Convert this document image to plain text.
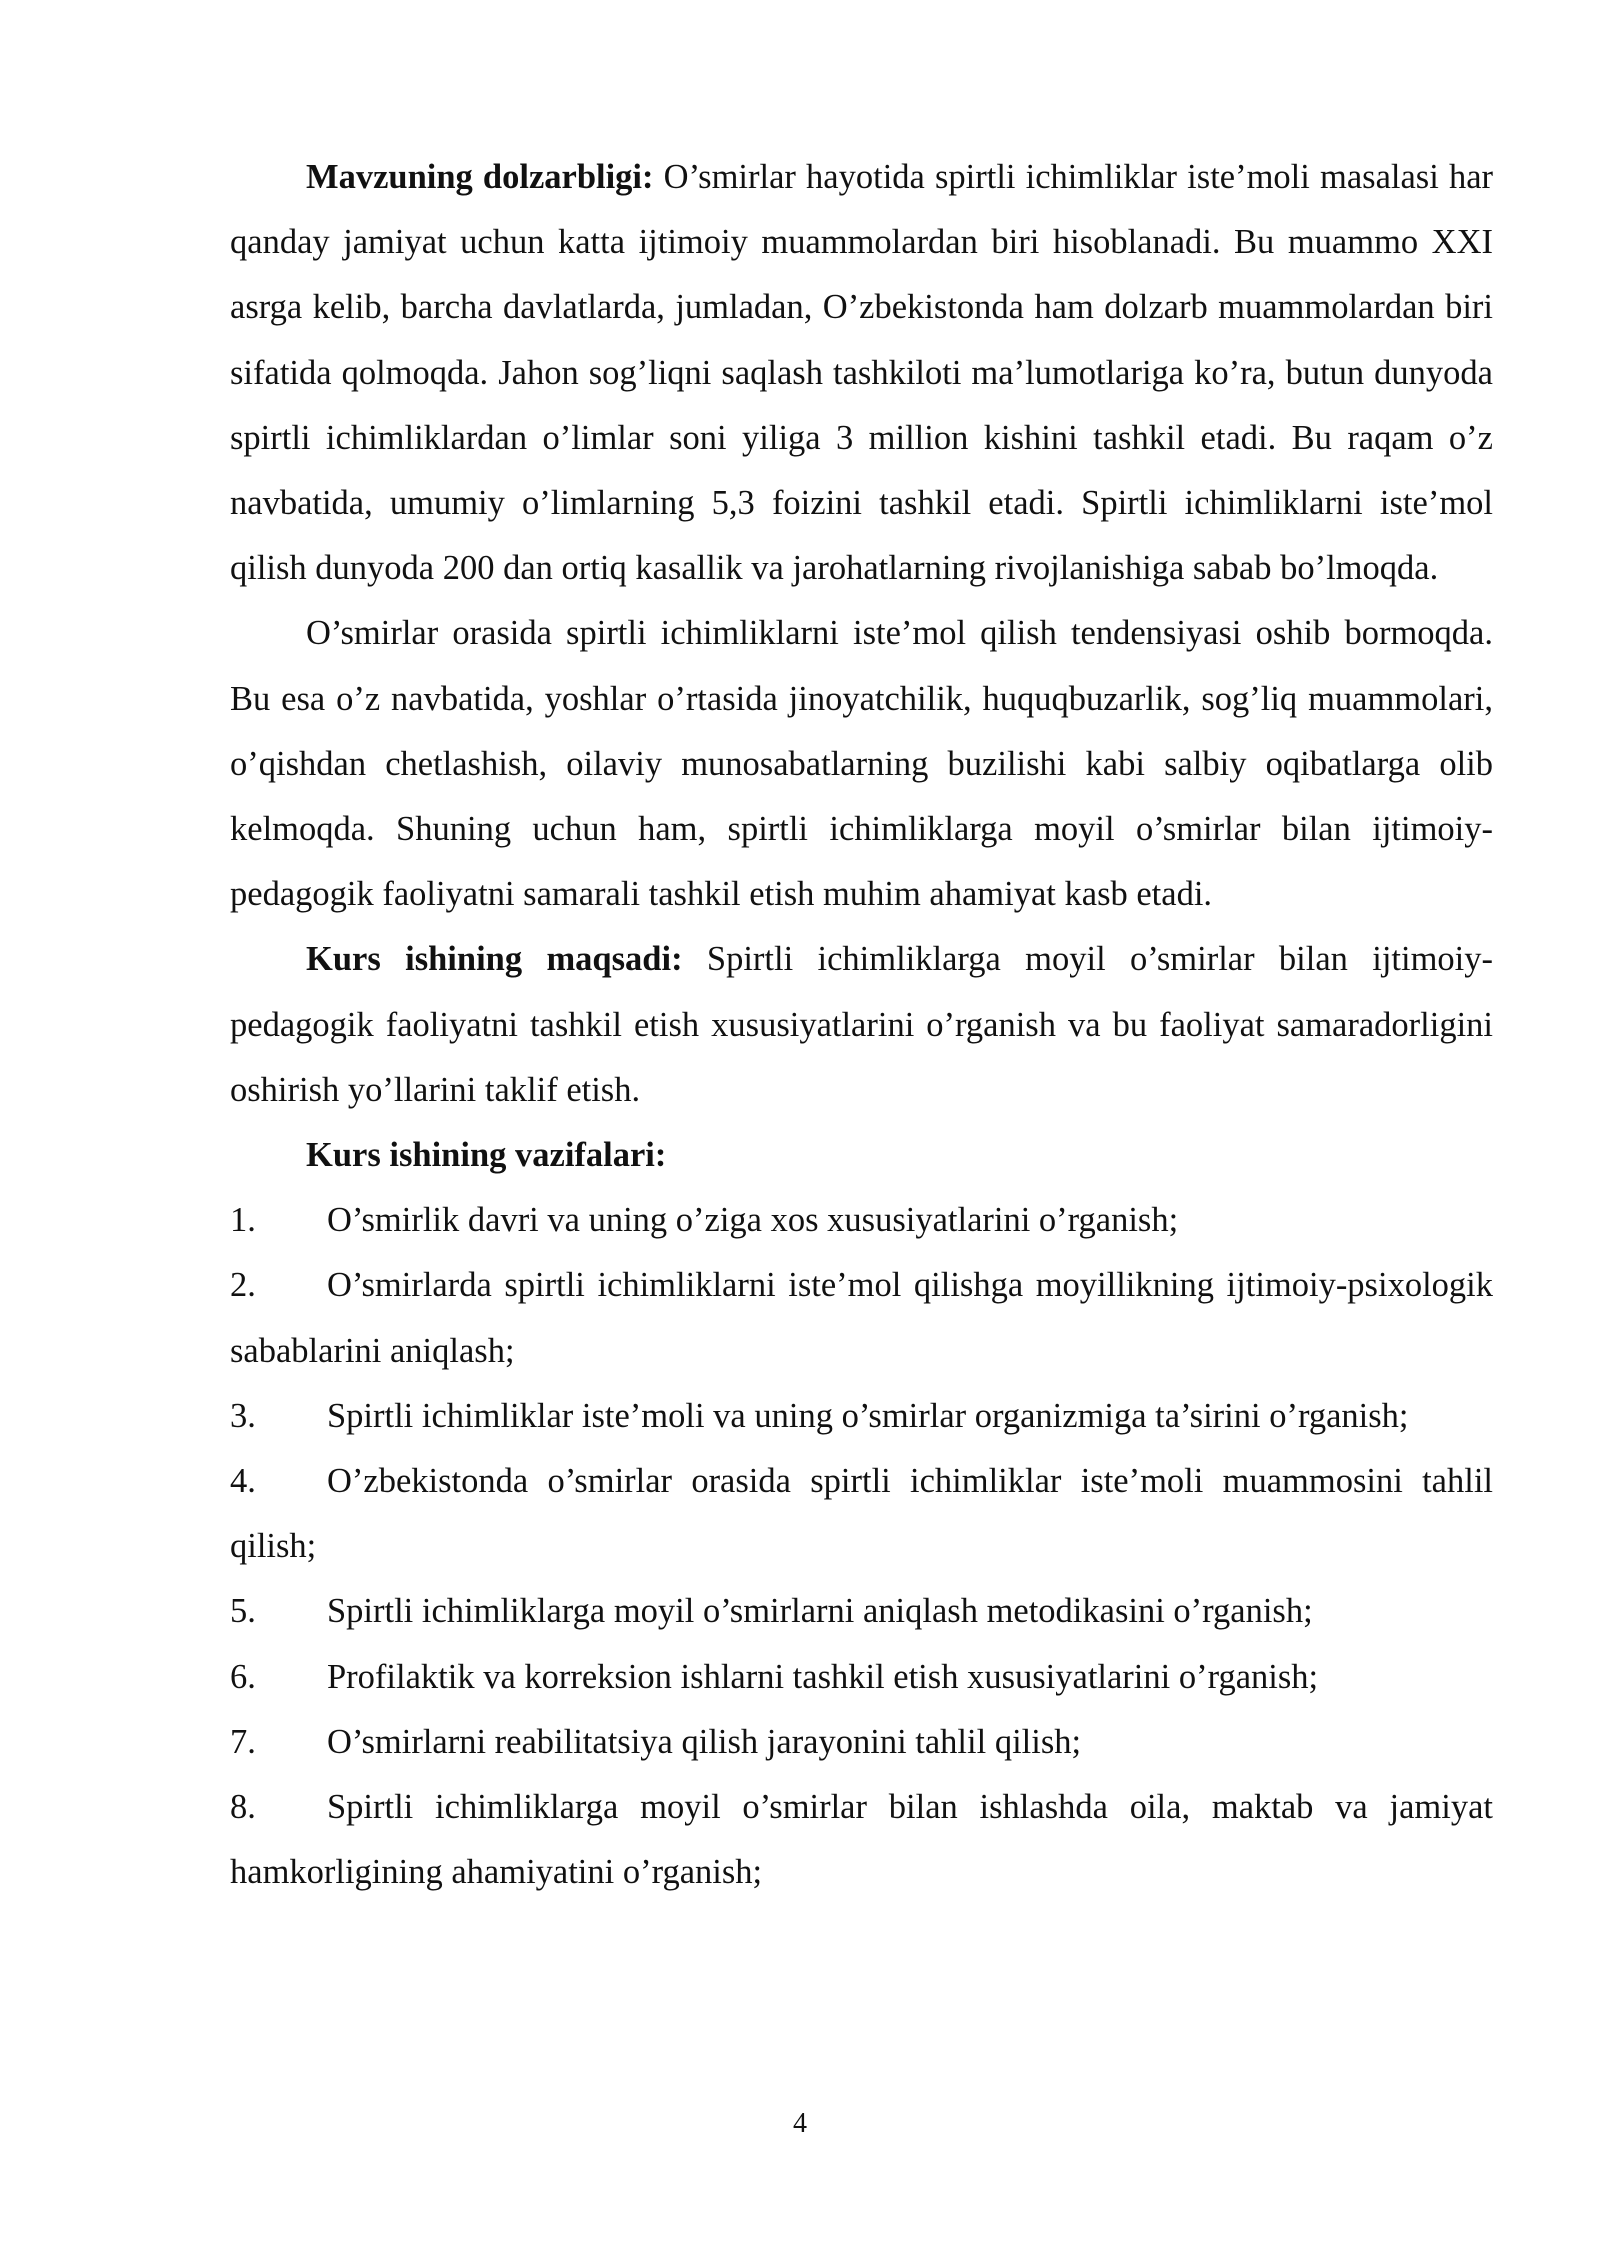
Mavzuning dolzarbligi: O’smirlar hayotida spirtli ichimliklar iste’moli masalasi har qanday jamiyat uchun katta ijtimoiy muammolardan biri hisoblanadi. Bu muammo XXI asrga kelib, barcha davlatlarda, jumladan, O’zbekistonda ham dolzarb muammolardan biri sifatida qolmoqda. Jahon sog’liqni saqlash tashkiloti ma’lumotlariga ko’ra, butun dunyoda spirtli ichimliklardan o’limlar soni yiliga 3 million kishini tashkil etadi. Bu raqam o’z navbatida, umumiy o’limlarning 5,3 foizini tashkil etadi. Spirtli ichimliklarni iste’mol qilish dunyoda 200 dan ortiq kasallik va jarohatlarning rivojlanishiga sabab bo’lmoqda.

O’smirlar orasida spirtli ichimliklarni iste’mol qilish tendensiyasi oshib bormoqda. Bu esa o’z navbatida, yoshlar o’rtasida jinoyatchilik, huquqbuzarlik, sog’liq muammolari, o’qishdan chetlashish, oilaviy munosabatlarning buzilishi kabi salbiy oqibatlarga olib kelmoqda. Shuning uchun ham, spirtli ichimliklarga moyil o’smirlar bilan ijtimoiy-pedagogik faoliyatni samarali tashkil etish muhim ahamiyat kasb etadi.

Kurs ishining maqsadi: Spirtli ichimliklarga moyil o’smirlar bilan ijtimoiy-pedagogik faoliyatni tashkil etish xususiyatlarini o’rganish va bu faoliyat samaradorligini oshirish yo’llarini taklif etish.

Kurs ishining vazifalari:

1. O’smirlik davri va uning o’ziga xos xususiyatlarini o’rganish;

2. O’smirlarda spirtli ichimliklarni iste’mol qilishga moyillikning ijtimoiy-psixologik sabablarini aniqlash;

3. Spirtli ichimliklar iste’moli va uning o’smirlar organizmiga ta’sirini o’rganish;

4. O’zbekistonda o’smirlar orasida spirtli ichimliklar iste’moli muammosini tahlil qilish;

5. Spirtli ichimliklarga moyil o’smirlarni aniqlash metodikasini o’rganish;

6. Profilaktik va korreksion ishlarni tashkil etish xususiyatlarini o’rganish;

7. O’smirlarni reabilitatsiya qilish jarayonini tahlil qilish;

8. Spirtli ichimliklarga moyil o’smirlar bilan ishlashda oila, maktab va jamiyat hamkorligining ahamiyatini o’rganish;

4
